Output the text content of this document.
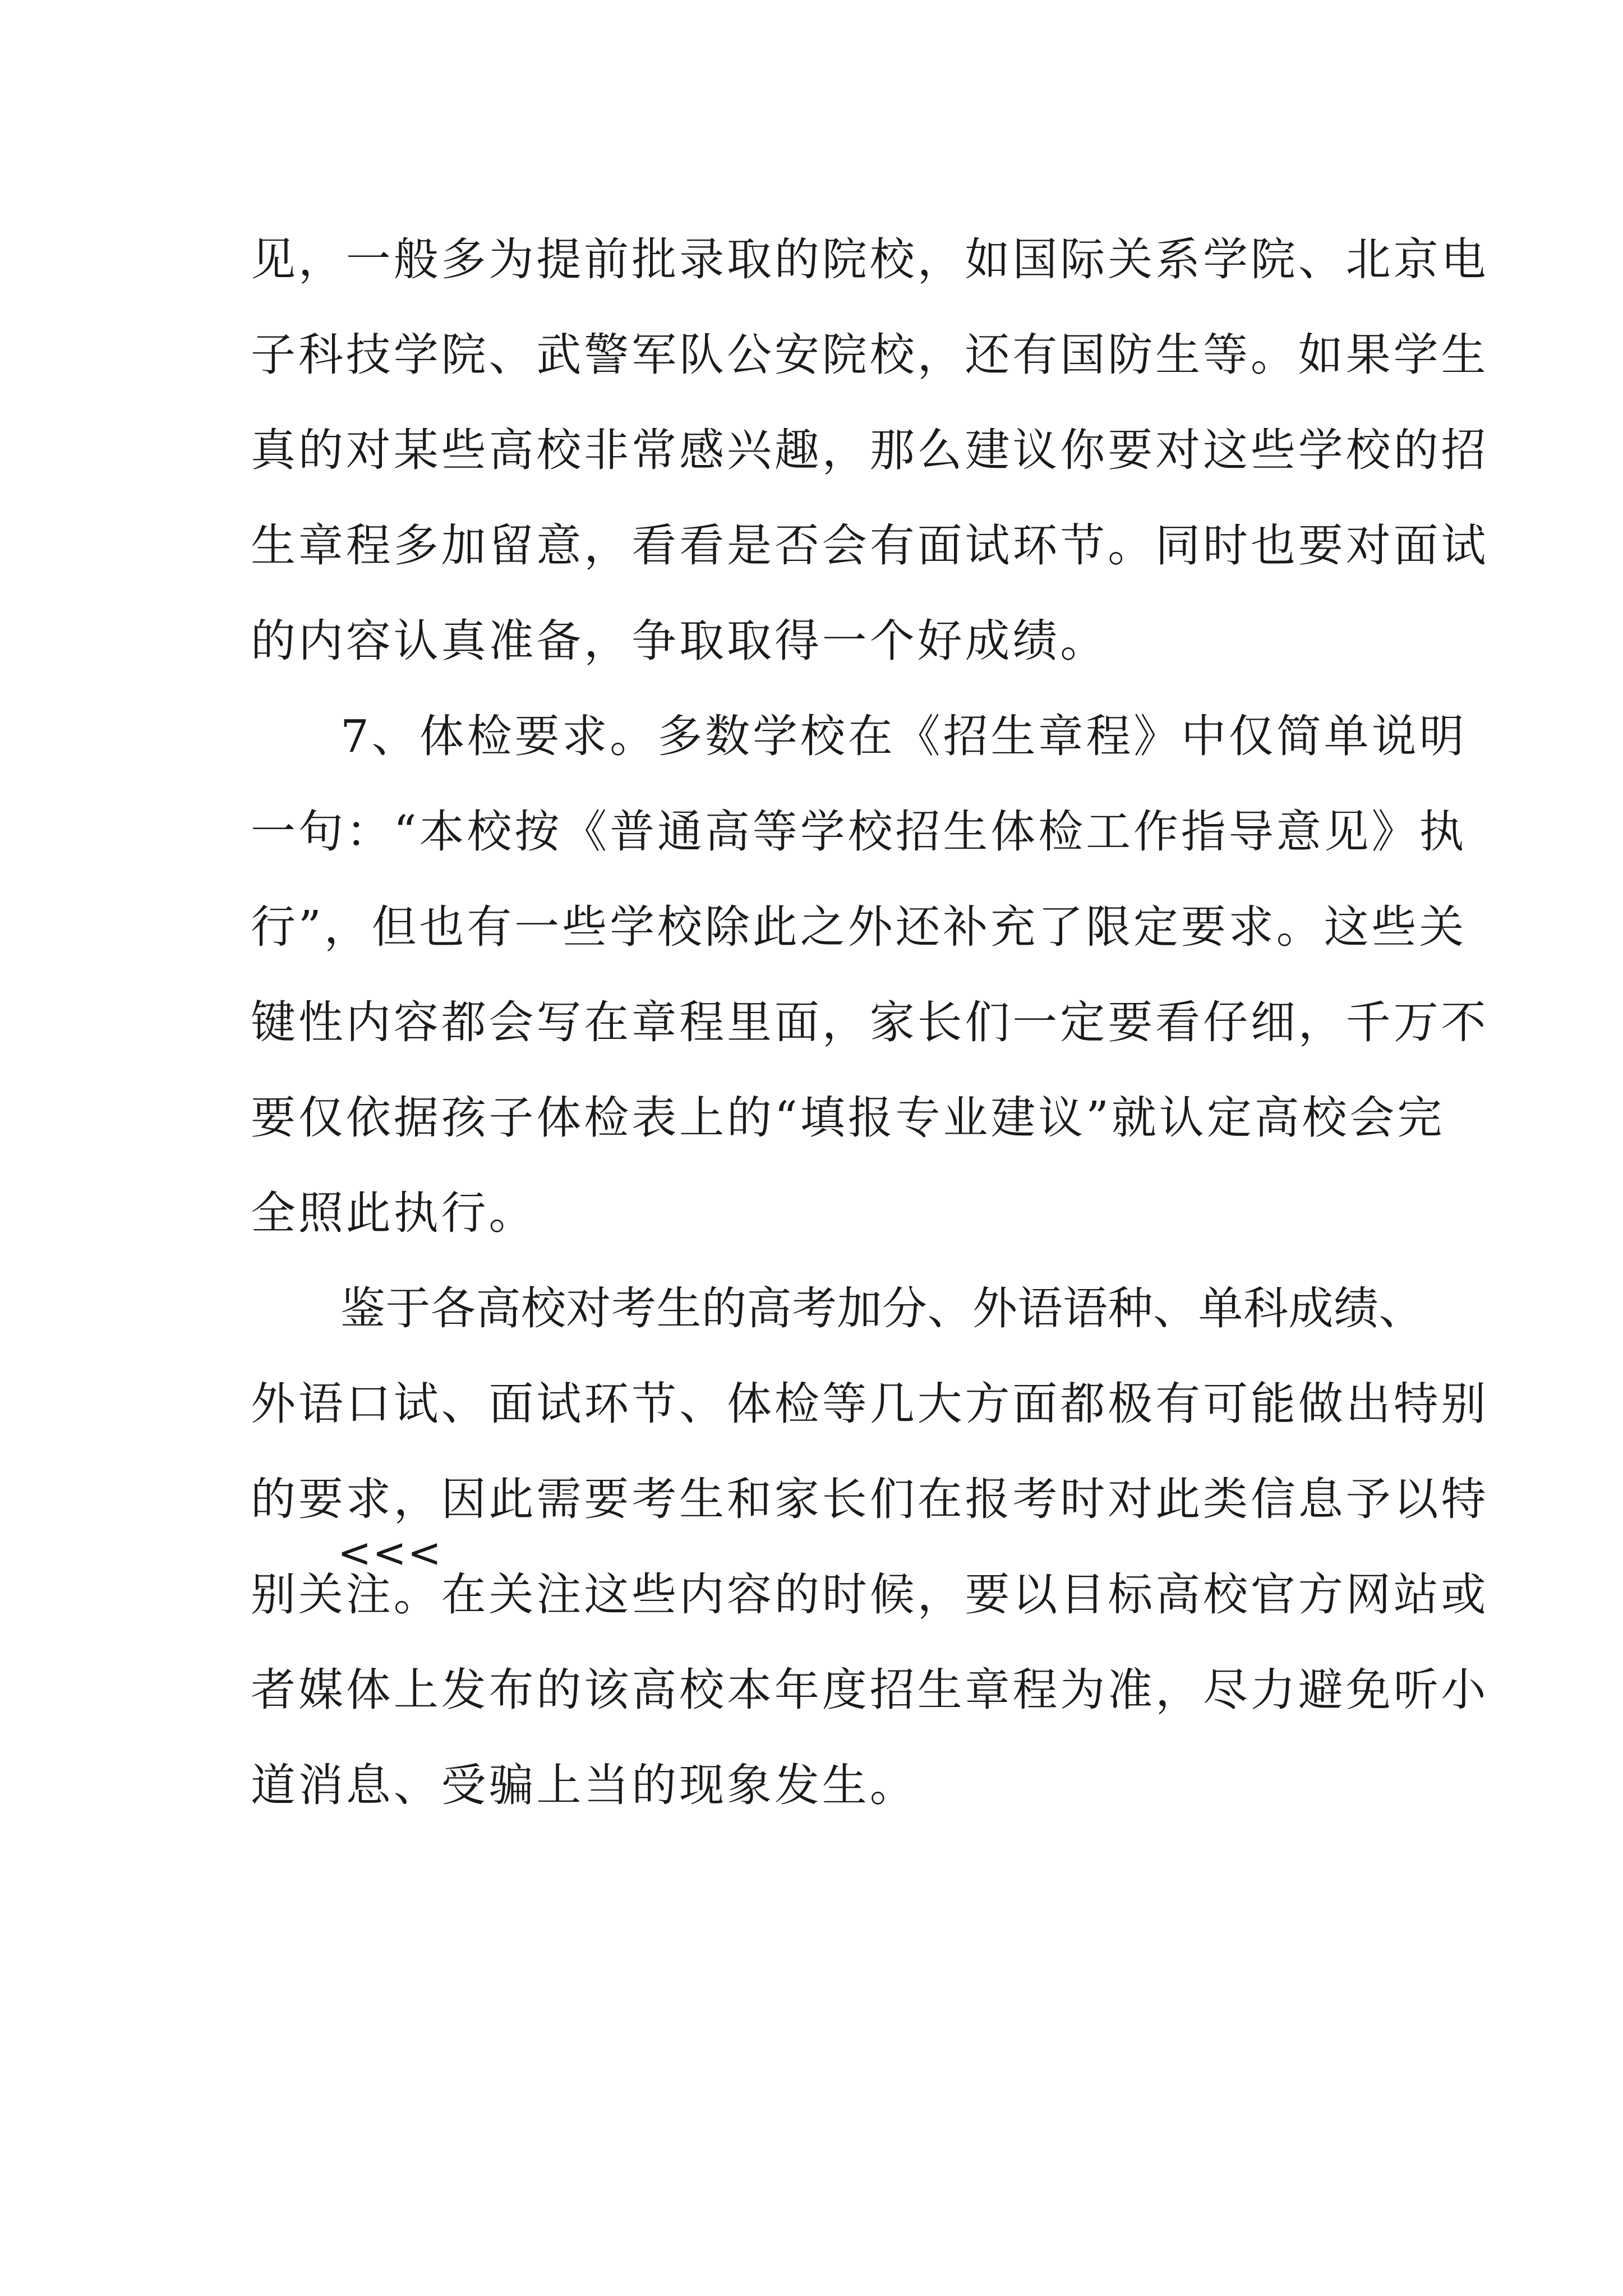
见，一般多为提前批录取的院校，如国际关系学院、北京电
子科技学院、武警军队公安院校，还有国防生等。如果学生
真的对某些高校非常感兴趣，那么建议你要对这些学校的招
生章程多加留意，看看是否会有面试环节。同时也要对面试
的内容认真准备，争取取得一个好成绩。
7、体检要求。多数学校在《招生章程》中仅简单说明
一句：“本校按《普通高等学校招生体检工作指导意见》执
行”，但也有一些学校除此之外还补充了限定要求。这些关
键性内容都会写在章程里面，家长们一定要看仔细，千万不
要仅依据孩子体检表上的“填报专业建议”就认定高校会完
全照此执行。
鉴于各高校对考生的高考加分、外语语种、单科成绩、
外语口试、面试环节、体检等几大方面都极有可能做出特别
的要求，因此需要考生和家长们在报考时对此类信息予以特
别关注。在关注这些内容的时候，要以目标高校官方网站或
者媒体上发布的该高校本年度招生章程为准，尽力避免听小
道消息、受骗上当的现象发生。
<<<
